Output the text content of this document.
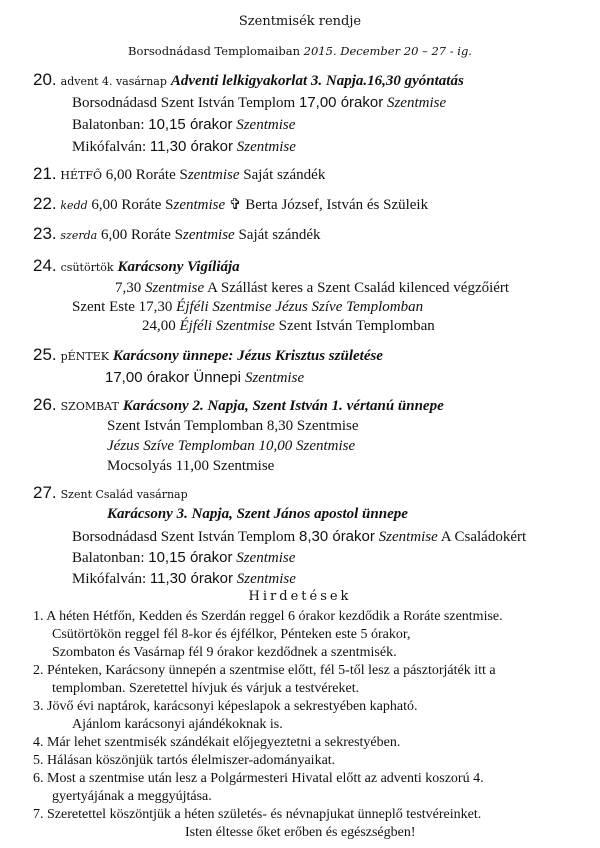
Szentmisék rendje
Borsodnádasd Templomaiban 2015. December 20 – 27 - ig.
20. advent 4. vasárnap Adventi lelkigyakorlat 3. Napja.16,30 gyóntatás
Borsodnádasd Szent István Templom 17,00 órakor Szentmise
Balatonban: 10,15 órakor Szentmise
Mikófalván: 11,30 órakor Szentmise
21. HÉTFŐ 6,00 Roráte Szentmise Saját szándék
22. kedd 6,00 Roráte Szentmise ✞ Berta József, István és Szüleik
23. szerda 6,00 Roráte Szentmise Saját szándék
24. csütörtök Karácsony Vigíliája
7,30 Szentmise A Szállást keres a Szent Család kilenced végzőiért
Szent Este 17,30 Éjféli Szentmise Jézus Szíve Templomban
24,00 Éjféli Szentmise Szent István Templomban
25. pÉNTEK Karácsony ünnepe: Jézus Krisztus születése
17,00 órakor Ünnepi Szentmise
26. SZOMBAT Karácsony 2. Napja, Szent István 1. vértanú ünnepe
Szent István Templomban 8,30 Szentmise
Jézus Szíve Templomban 10,00 Szentmise
Mocsolyás 11,00 Szentmise
27. Szent Család vasárnap
Karácsony 3. Napja, Szent János apostol ünnepe
Borsodnádasd Szent István Templom 8,30 órakor Szentmise A Családokért
Balatonban: 10,15 órakor Szentmise
Mikófalván: 11,30 órakor Szentmise
Hirdetések
1. A héten Hétfőn, Kedden és Szerdán reggel 6 órakor kezdődik a Roráte szentmise.
Csütörtökön reggel fél 8-kor és éjfélkor, Pénteken este 5 órakor,
Szombaton és Vasárnap fél 9 órakor kezdődnek a szentmisék.
2. Pénteken, Karácsony ünnepén a szentmise előtt, fél 5-től lesz a pásztorjáték itt a
templomban. Szeretettel hívjuk és várjuk a testvéreket.
3. Jövő évi naptárok, karácsonyi képeslapok a sekrestyében kapható.
Ajánlom karácsonyi ajándékoknak is.
4. Már lehet szentmisék szándékait előjegyeztetni a sekrestyében.
5. Hálásan köszönjük tartós élelmiszer-adományaikat.
6. Most a szentmise után lesz a Polgármesteri Hivatal előtt az adventi koszorú 4.
gyertyájának a meggyújtása.
7. Szeretettel köszöntjük a héten születés- és névnapjukat ünneplő testvéreinket.
Isten éltesse őket erőben és egészségben!
